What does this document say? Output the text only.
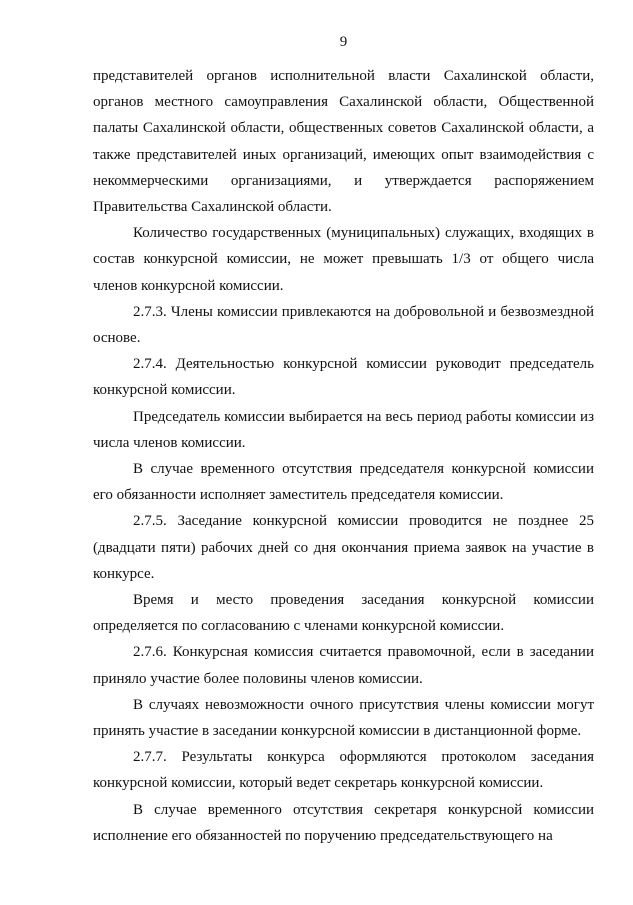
9

представителей органов исполнительной власти Сахалинской области, органов местного самоуправления Сахалинской области, Общественной палаты Сахалинской области, общественных советов Сахалинской области, а также представителей иных организаций, имеющих опыт взаимодействия с некоммерческими организациями, и утверждается распоряжением Правительства Сахалинской области.

Количество государственных (муниципальных) служащих, входящих в состав конкурсной комиссии, не может превышать 1/3 от общего числа членов конкурсной комиссии.

2.7.3. Члены комиссии привлекаются на добровольной и безвозмездной основе.

2.7.4. Деятельностью конкурсной комиссии руководит председатель конкурсной комиссии.

Председатель комиссии выбирается на весь период работы комиссии из числа членов комиссии.

В случае временного отсутствия председателя конкурсной комиссии его обязанности исполняет заместитель председателя комиссии.

2.7.5. Заседание конкурсной комиссии проводится не позднее 25 (двадцати пяти) рабочих дней со дня окончания приема заявок на участие в конкурсе.

Время и место проведения заседания конкурсной комиссии определяется по согласованию с членами конкурсной комиссии.

2.7.6. Конкурсная комиссия считается правомочной, если в заседании приняло участие более половины членов комиссии.

В случаях невозможности очного присутствия члены комиссии могут принять участие в заседании конкурсной комиссии в дистанционной форме.

2.7.7. Результаты конкурса оформляются протоколом заседания конкурсной комиссии, который ведет секретарь конкурсной комиссии.

В случае временного отсутствия секретаря конкурсной комиссии исполнение его обязанностей по поручению председательствующего на
